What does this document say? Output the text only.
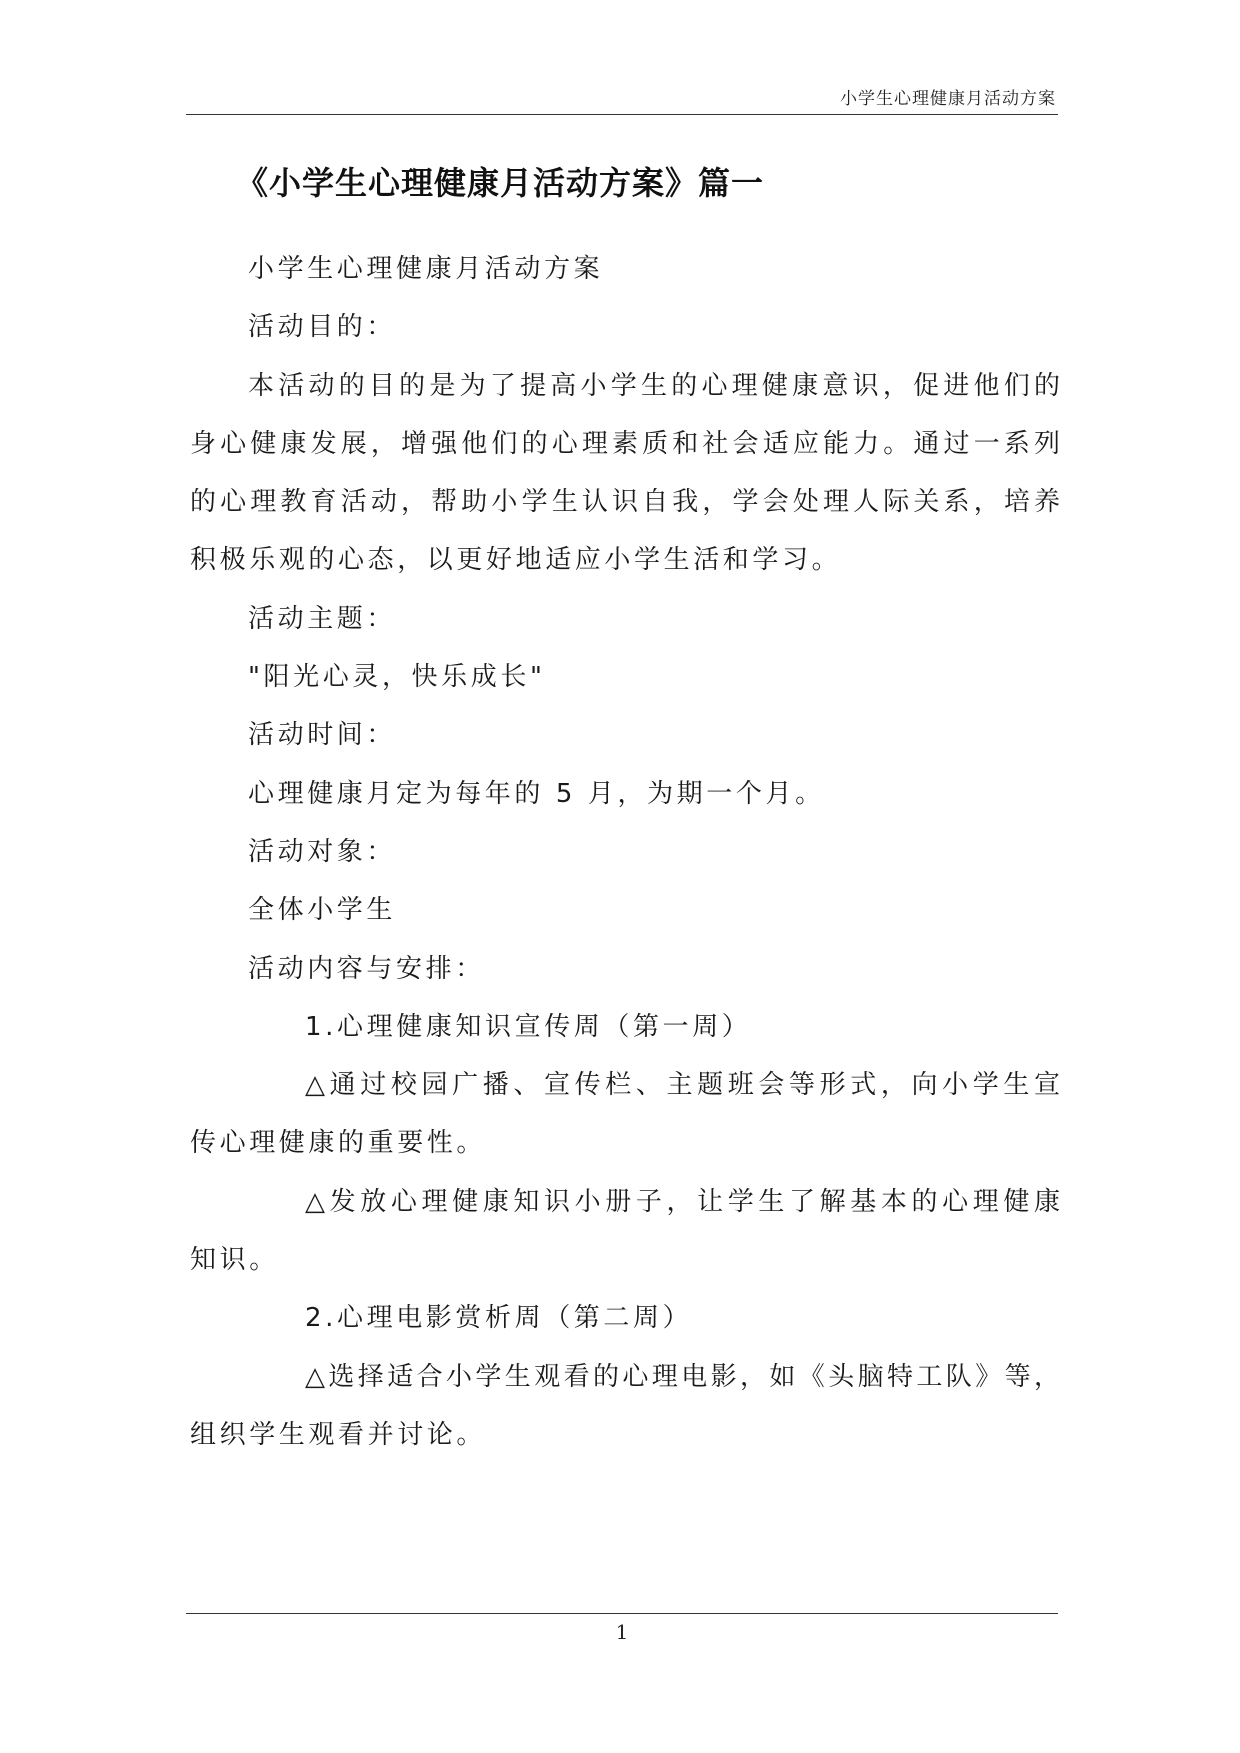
小学生心理健康月活动方案
《小学生心理健康月活动方案》篇一
小学生心理健康月活动方案
活动目的：
本活动的目的是为了提高小学生的心理健康意识，促进他们的
身心健康发展，增强他们的心理素质和社会适应能力。通过一系列
的心理教育活动，帮助小学生认识自我，学会处理人际关系，培养
积极乐观的心态，以更好地适应小学生活和学习。
活动主题：
"阳光心灵，快乐成长"
活动时间：
心理健康月定为每年的 5 月，为期一个月。
活动对象：
全体小学生
活动内容与安排：
1.心理健康知识宣传周（第一周）
△通过校园广播、宣传栏、主题班会等形式，向小学生宣
传心理健康的重要性。
△发放心理健康知识小册子，让学生了解基本的心理健康
知识。
2.心理电影赏析周（第二周）
△选择适合小学生观看的心理电影，如《头脑特工队》等，
组织学生观看并讨论。
1
